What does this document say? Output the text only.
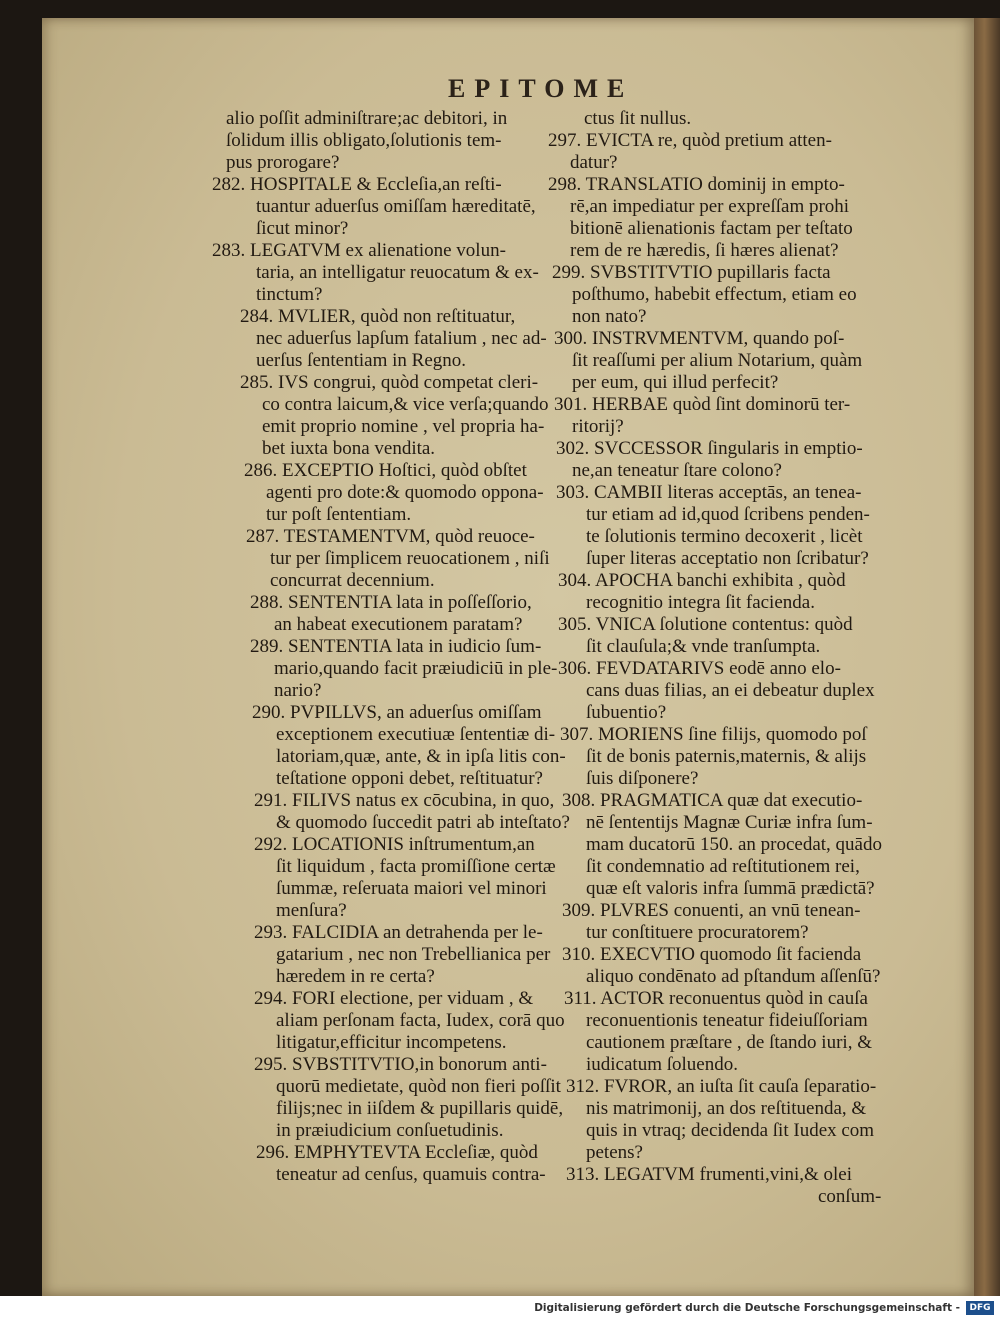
EPITOME
alio poſſit adminiſtrare;ac debitori, in
ſolidum illis obligato,ſolutionis tem-
pus prorogare?
282. HOSPITALE & Eccleſia,an reſti-
tuantur aduerſus omiſſam hæreditatē,
ſicut minor?
283. LEGATVM ex alienatione volun-
taria, an intelligatur reuocatum & ex-
tinctum?
284. MVLIER, quòd non reſtituatur,
nec aduerſus lapſum fatalium , nec ad-
uerſus ſententiam in Regno.
285. IVS congrui, quòd competat cleri-
co contra laicum,& vice verſa;quando
emit proprio nomine , vel propria ha-
bet iuxta bona vendita.
286. EXCEPTIO Hoſtici, quòd obſtet
agenti pro dote:& quomodo oppona-
tur poſt ſententiam.
287. TESTAMENTVM, quòd reuoce-
tur per ſimplicem reuocationem , niſi
concurrat decennium.
288. SENTENTIA lata in poſſeſſorio,
an habeat executionem paratam?
289. SENTENTIA lata in iudicio ſum-
mario,quando facit præiudiciū in ple-
nario?
290. PVPILLVS, an aduerſus omiſſam
exceptionem executiuæ ſententiæ di-
latoriam,quæ, ante, & in ipſa litis con-
teſtatione opponi debet, reſtituatur?
291. FILIVS natus ex cōcubina, in quo,
& quomodo ſuccedit patri ab inteſtato?
292. LOCATIONIS inſtrumentum,an
ſit liquidum , facta promiſſione certæ
ſummæ, reſeruata maiori vel minori
menſura?
293. FALCIDIA an detrahenda per le-
gatarium , nec non Trebellianica per
hæredem in re certa?
294. FORI electione, per viduam , &
aliam perſonam facta, Iudex, corā quo
litigatur,efficitur incompetens.
295. SVBSTITVTIO,in bonorum anti-
quorū medietate, quòd non fieri poſſit
filijs;nec in iiſdem & pupillaris quidē,
in præiudicium conſuetudinis.
296. EMPHYTEVTA Eccleſiæ, quòd
teneatur ad cenſus, quamuis contra-
ctus ſit nullus.
297. EVICTA re, quòd pretium atten-
datur?
298. TRANSLATIO dominij in empto-
rē,an impediatur per expreſſam prohi
bitionē alienationis factam per teſtato
rem de re hæredis, ſi hæres alienat?
299. SVBSTITVTIO pupillaris facta
poſthumo, habebit effectum, etiam eo
non nato?
300. INSTRVMENTVM, quando poſ-
ſit reaſſumi per alium Notarium, quàm
per eum, qui illud perfecit?
301. HERBAE quòd ſint dominorū ter-
ritorij?
302. SVCCESSOR ſingularis in emptio-
ne,an teneatur ſtare colono?
303. CAMBII literas acceptās, an tenea-
tur etiam ad id,quod ſcribens penden-
te ſolutionis termino decoxerit , licèt
ſuper literas acceptatio non ſcribatur?
304. APOCHA banchi exhibita , quòd
recognitio integra ſit facienda.
305. VNICA ſolutione contentus: quòd
ſit clauſula;& vnde tranſumpta.
306. FEVDATARIVS eodē anno elo-
cans duas filias, an ei debeatur duplex
ſubuentio?
307. MORIENS ſine filijs, quomodo poſ
ſit de bonis paternis,maternis, & alijs
ſuis diſponere?
308. PRAGMATICA quæ dat executio-
nē ſententijs Magnæ Curiæ infra ſum-
mam ducatorū 150. an procedat, quādo
ſit condemnatio ad reſtitutionem rei,
quæ eſt valoris infra ſummā prædictā?
309. PLVRES conuenti, an vnū tenean-
tur conſtituere procuratorem?
310. EXECVTIO quomodo ſit facienda
aliquo condēnato ad pſtandum aſſenſū?
311. ACTOR reconuentus quòd in cauſa
reconuentionis teneatur fideiuſſoriam
cautionem præſtare , de ſtando iuri, &
iudicatum ſoluendo.
312. FVROR, an iuſta ſit cauſa ſeparatio-
nis matrimonij, an dos reſtituenda, &
quis in vtraq; decidenda ſit Iudex com
petens?
313. LEGATVM frumenti,vini,& olei
conſum-
Digitalisierung gefördert durch die Deutsche Forschungsgemeinschaft -	DFG
